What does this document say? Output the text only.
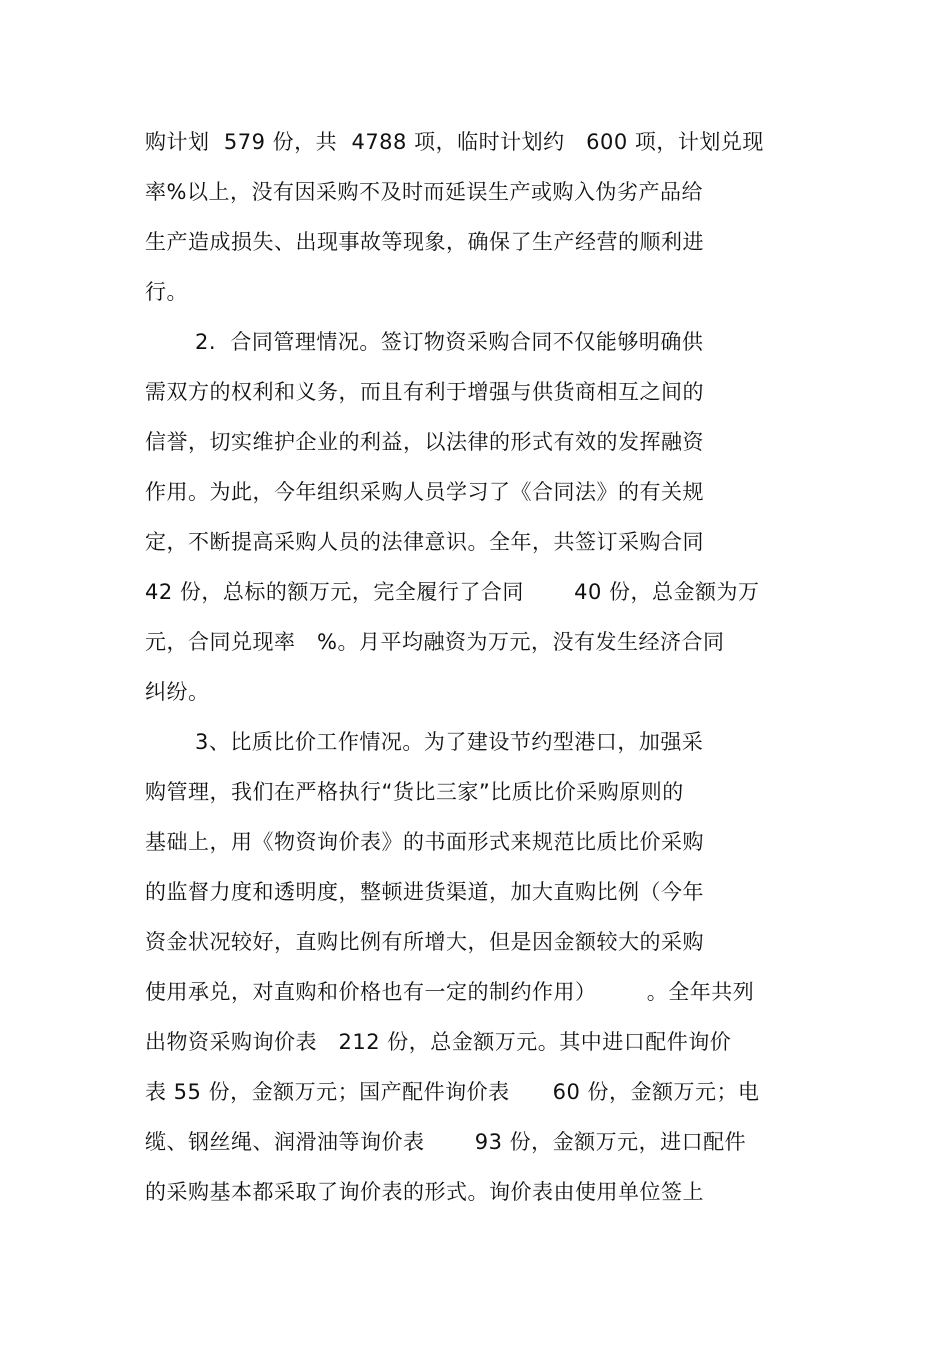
购计划  579 份，共  4788 项，临时计划约   600 项，计划兑现
率%以上，没有因采购不及时而延误生产或购入伪劣产品给
生产造成损失、出现事故等现象，确保了生产经营的顺利进
行。
2.  合同管理情况。签订物资采购合同不仅能够明确供
需双方的权利和义务，而且有利于增强与供货商相互之间的
信誉，切实维护企业的利益，以法律的形式有效的发挥融资
作用。为此，今年组织采购人员学习了《合同法》的有关规
定，不断提高采购人员的法律意识。全年，共签订采购合同
42 份，总标的额万元，完全履行了合同       40 份，总金额为万
元，合同兑现率   %。月平均融资为万元，没有发生经济合同
纠纷。
3、比质比价工作情况。为了建设节约型港口，加强采
购管理，我们在严格执行“货比三家”比质比价采购原则的
基础上，用《物资询价表》的书面形式来规范比质比价采购
的监督力度和透明度，整顿进货渠道，加大直购比例（今年
资金状况较好，直购比例有所增大，但是因金额较大的采购
使用承兑，对直购和价格也有一定的制约作用）       。全年共列
出物资采购询价表   212 份，总金额万元。其中进口配件询价
表 55 份，金额万元；国产配件询价表      60 份，金额万元；电
缆、钢丝绳、润滑油等询价表       93 份，金额万元，进口配件
的采购基本都采取了询价表的形式。询价表由使用单位签上
